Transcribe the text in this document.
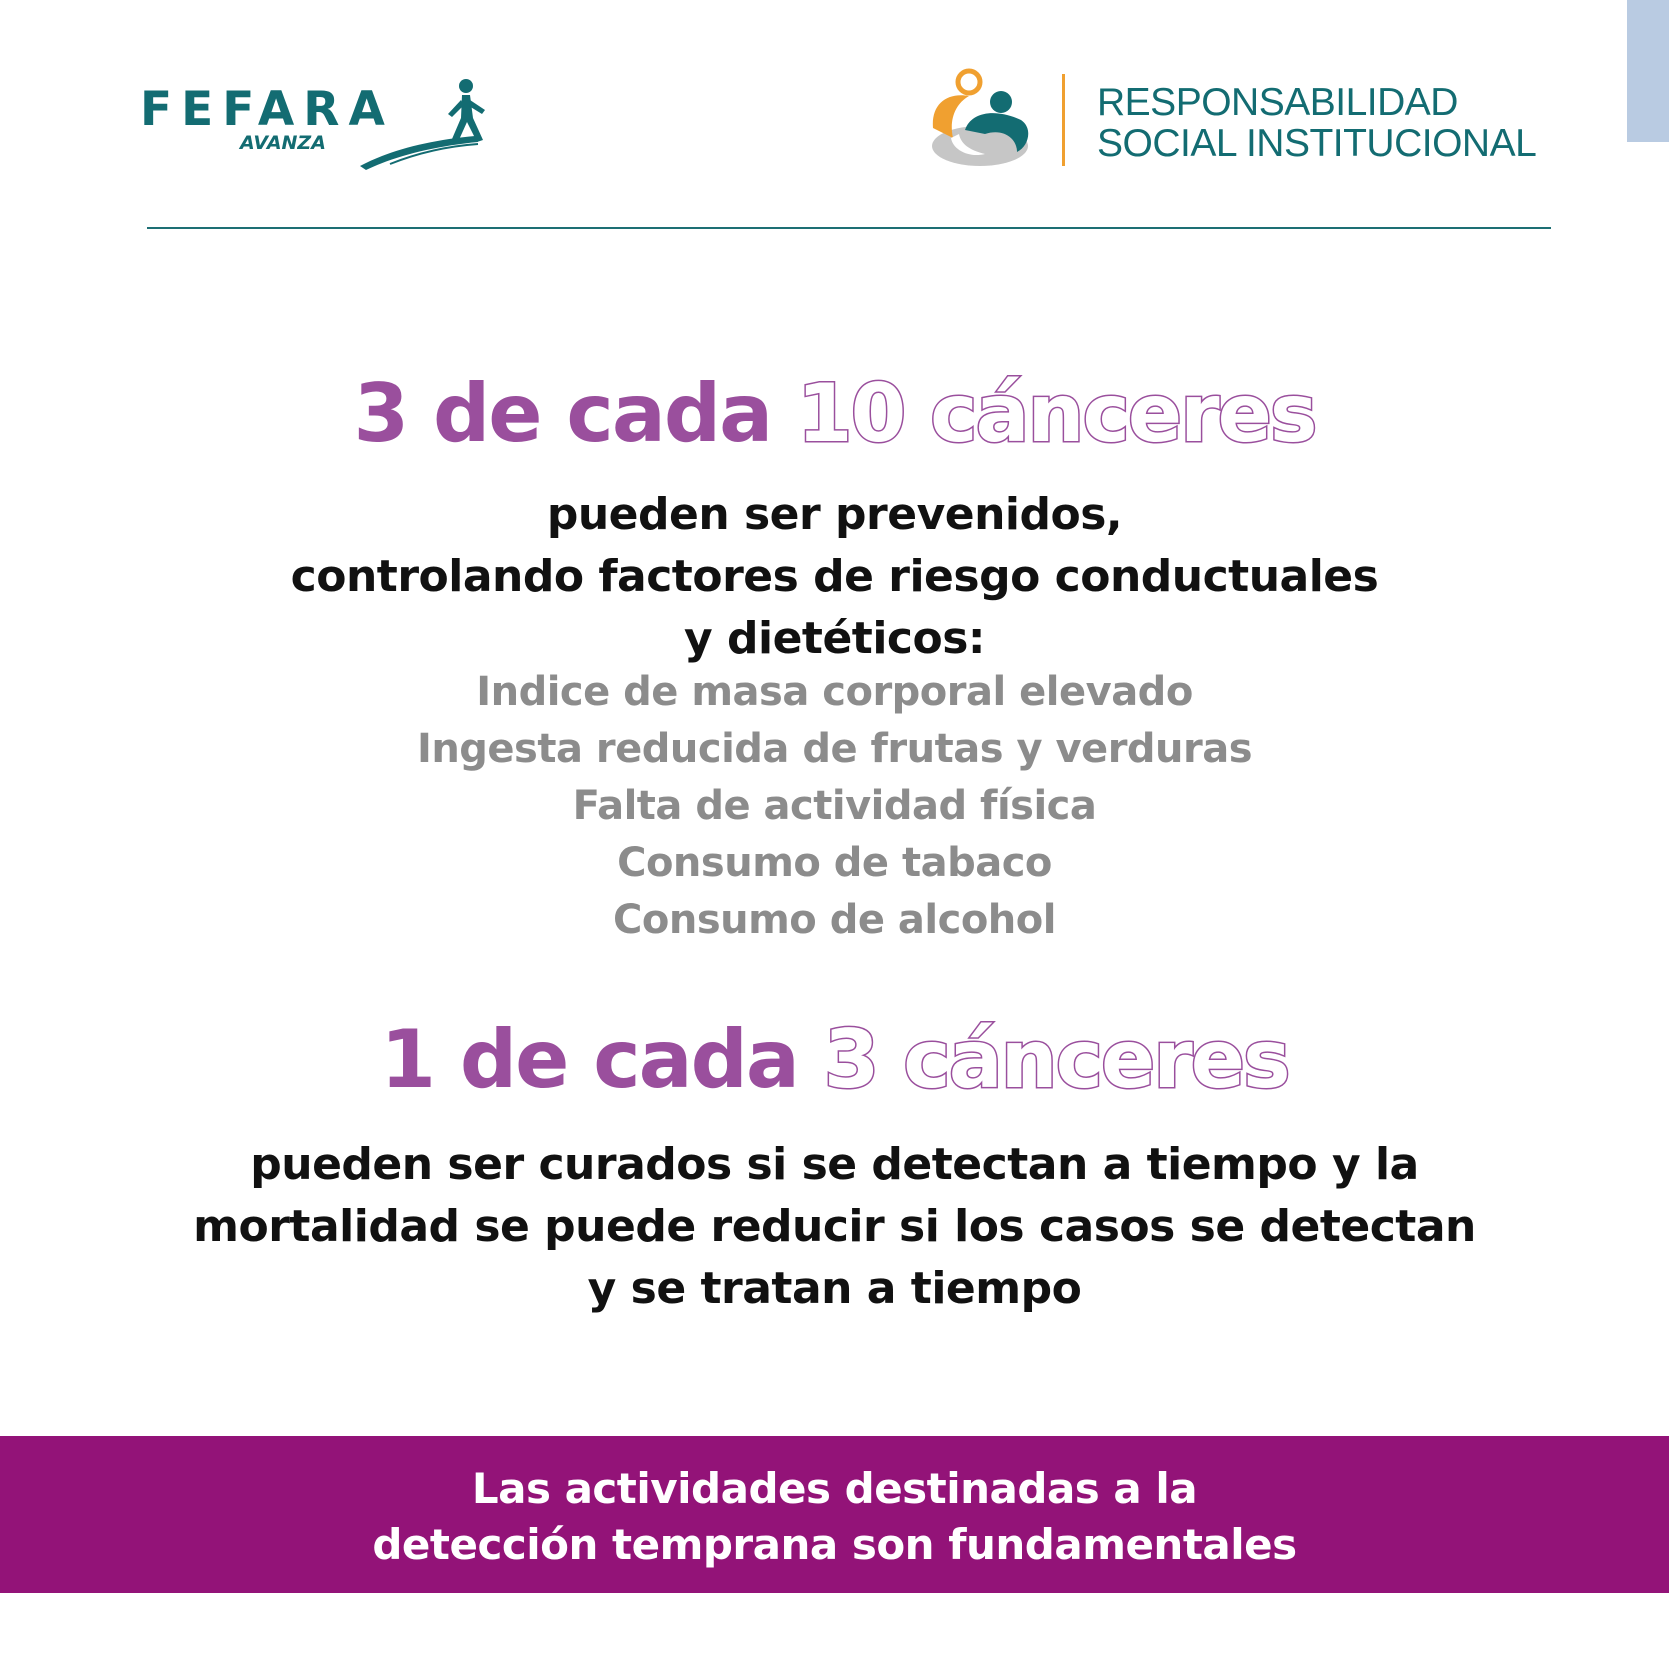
FEFARA
AVANZA
RESPONSABILIDAD
SOCIAL INSTITUCIONAL
3 de cada 10 cánceres
pueden ser prevenidos,
controlando factores de riesgo conductuales
y dietéticos:
Indice de masa corporal elevado
Ingesta reducida de frutas y verduras
Falta de actividad física
Consumo de tabaco
Consumo de alcohol
1 de cada 3 cánceres
pueden ser curados si se detectan a tiempo y la
mortalidad se puede reducir si los casos se detectan
y se tratan a tiempo
Las actividades destinadas a la
detección temprana son fundamentales
